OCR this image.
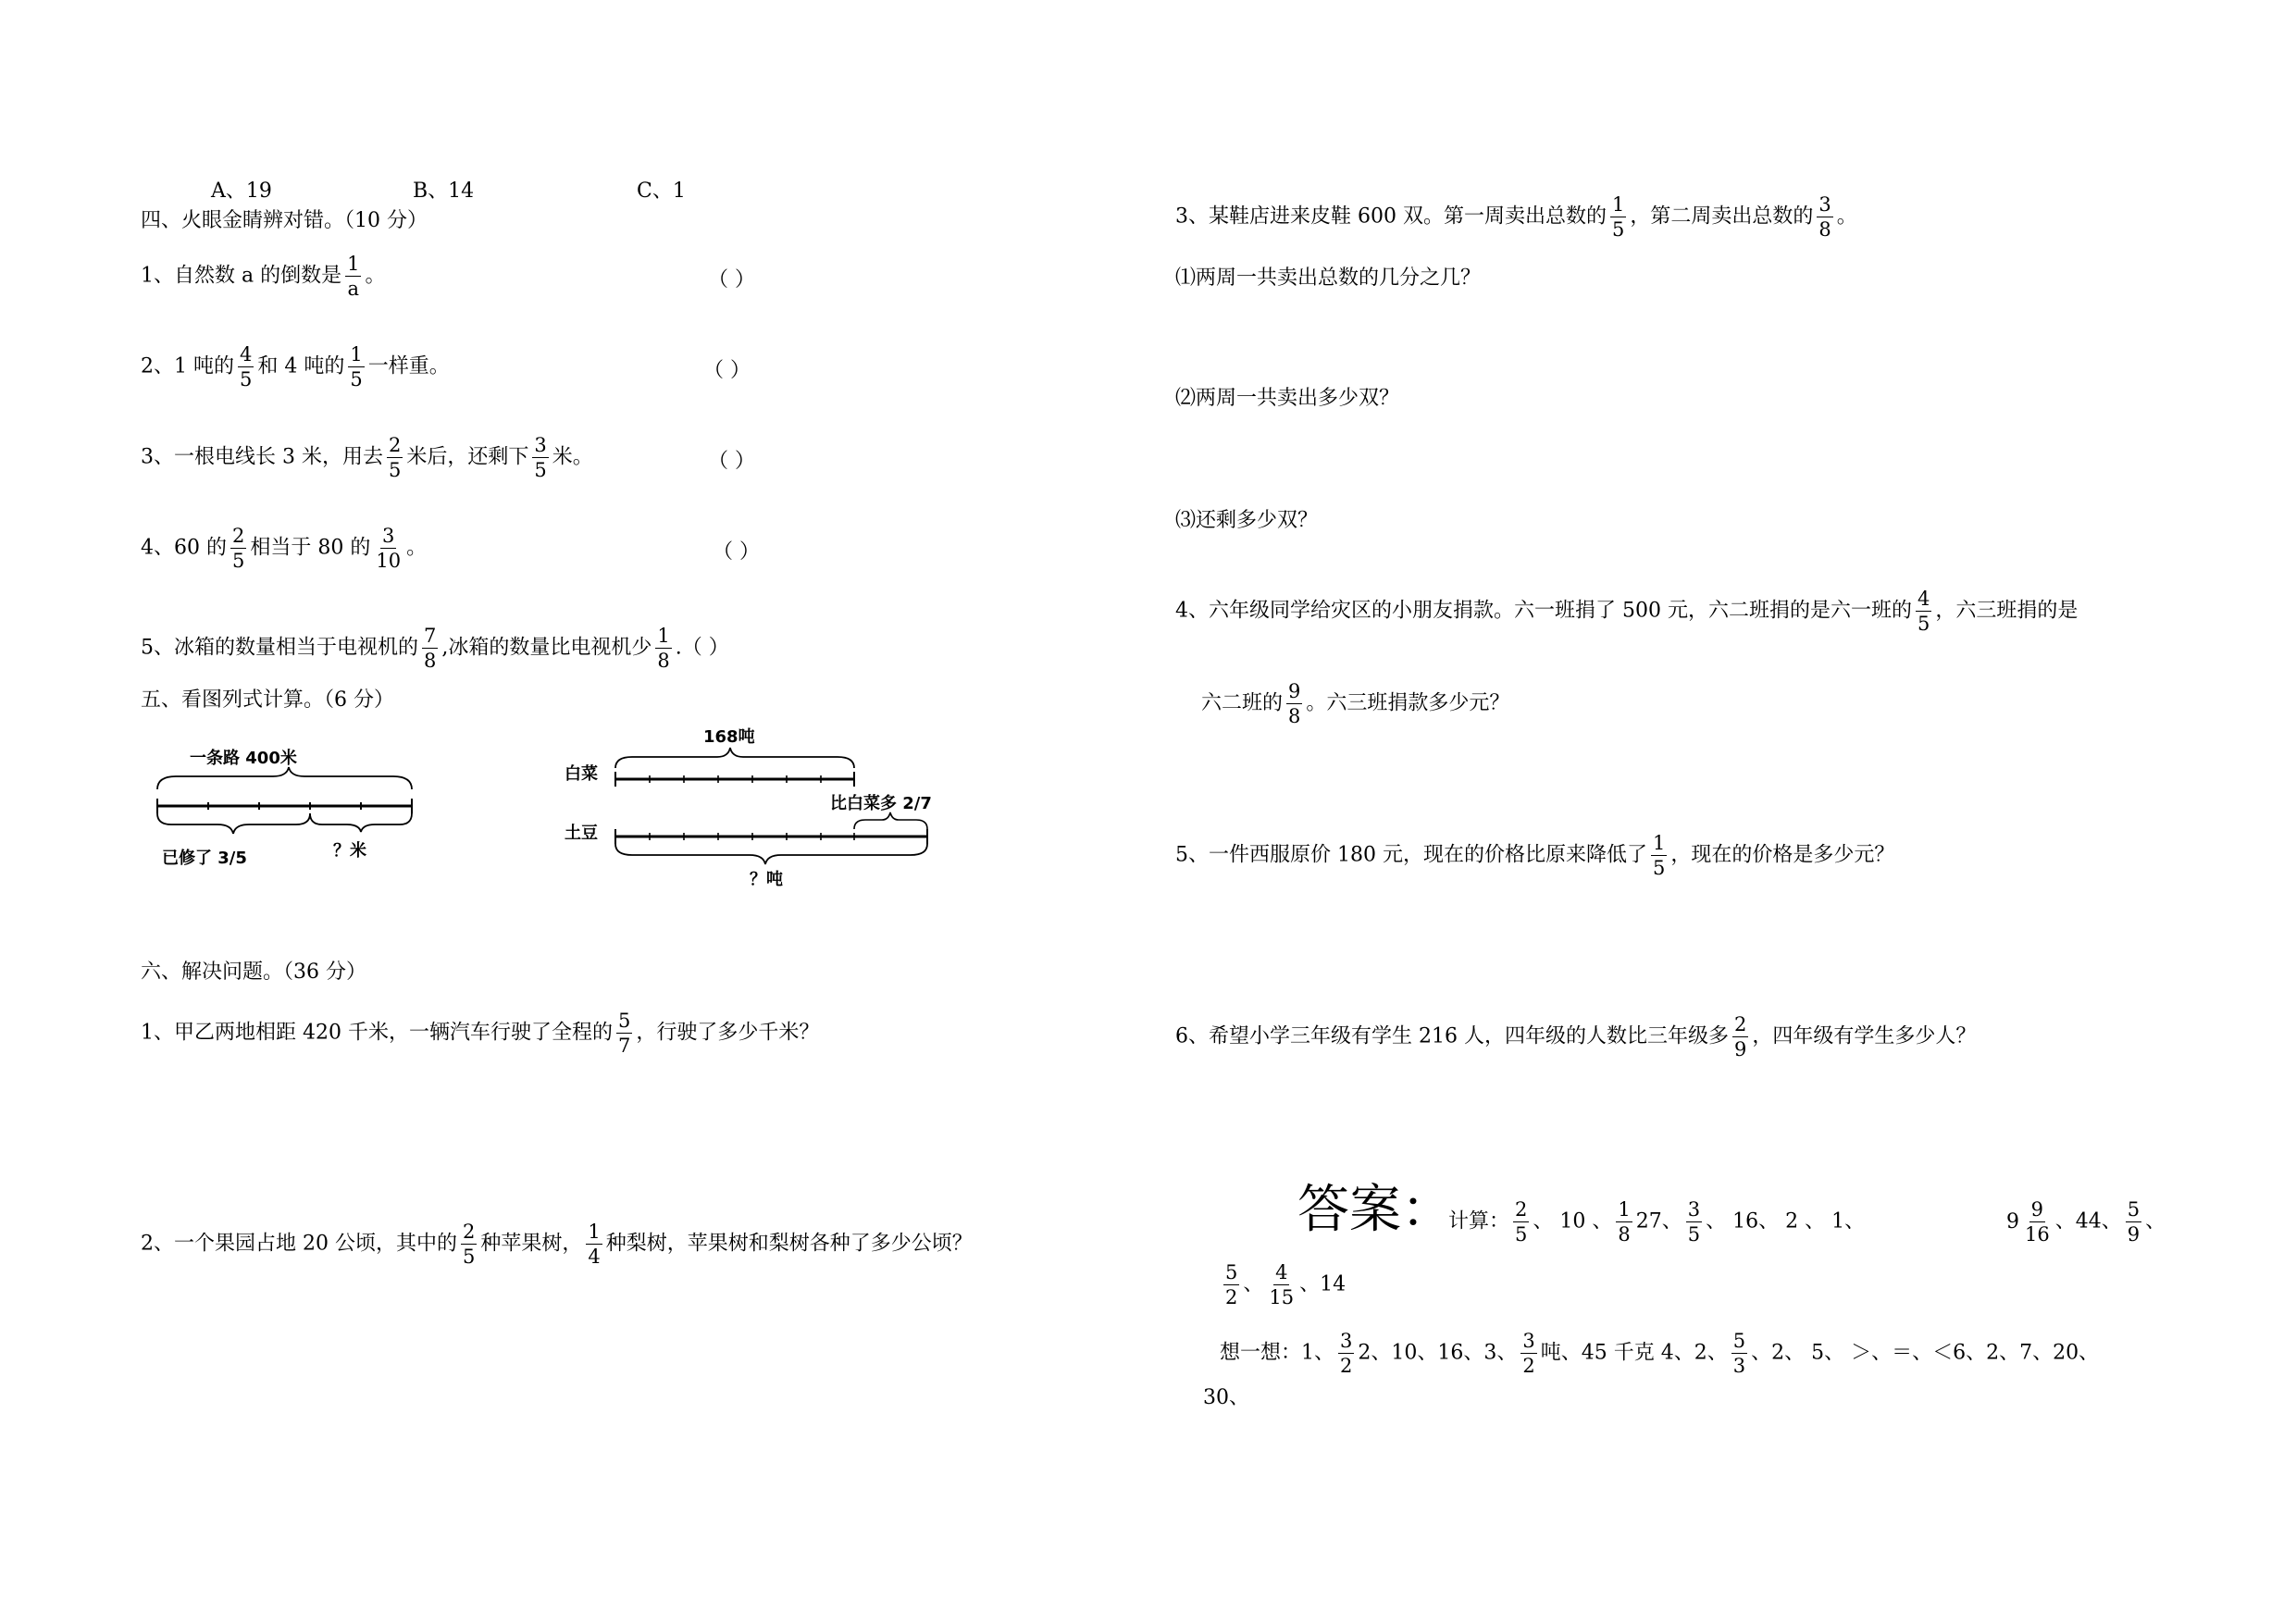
A、19	B、14	C、1
四、火眼金睛辨对错。（10 分）
1、自然数 a 的倒数是 $\frac{1}{a}$ 。	（ ）
2、1 吨的 $\frac{4}{5}$ 和 4 吨的 $\frac{1}{5}$ 一样重。	（ ）
3、一根电线长 3 米，用去 $\frac{2}{5}$ 米后，还剩下 $\frac{3}{5}$ 米。	（ ）
4、60 的 $\frac{2}{5}$ 相当于 80 的 $\frac{3}{10}$ 。	（ ）
5、冰箱的数量相当于电视机的 $\frac{7}{8}$ ,冰箱的数量比电视机少 $\frac{1}{8}$ .（ ）
五、看图列式计算。（6 分）
一条路 400米
已修了 3/5	？米
168吨
白菜
比白菜多 2/7
土豆
？吨
六、解决问题。（36 分）
1、甲乙两地相距 420 千米，一辆汽车行驶了全程的 $\frac{5}{7}$ ，行驶了多少千米？
2、一个果园占地 20 公顷，其中的 $\frac{2}{5}$ 种苹果树， $\frac{1}{4}$ 种梨树，苹果树和梨树各种了多少公顷？
3、某鞋店进来皮鞋 600 双。第一周卖出总数的 $\frac{1}{5}$ ，第二周卖出总数的 $\frac{3}{8}$ 。
⑴两周一共卖出总数的几分之几？
⑵两周一共卖出多少双？
⑶还剩多少双？
4、六年级同学给灾区的小朋友捐款。六一班捐了 500 元，六二班捐的是六一班的 $\frac{4}{5}$ ，六三班捐的是
六二班的 $\frac{9}{8}$ 。六三班捐款多少元？
5、一件西服原价 180 元，现在的价格比原来降低了 $\frac{1}{5}$ ，现在的价格是多少元？
6、希望小学三年级有学生 216 人，四年级的人数比三年级多 $\frac{2}{9}$ ，四年级有学生多少人？
答案：
计算： $\frac{2}{5}$ 、 10 、 $\frac{1}{8} 27$、 $\frac{3}{5}$ 、 16、 2 、 1、	$9 \frac{9}{16}$ 、44、 $\frac{5}{9}$ 、
$\frac{5}{2}$ 、 $\frac{4}{15}$ 、14
想一想：1、 $\frac{3}{2} 2$、10、16、3、 $\frac{3}{2}$ 吨、45 千克 4、2、 $\frac{5}{3}$ 、2、 5、 ＞、＝、＜6、2、7、20、
30、
